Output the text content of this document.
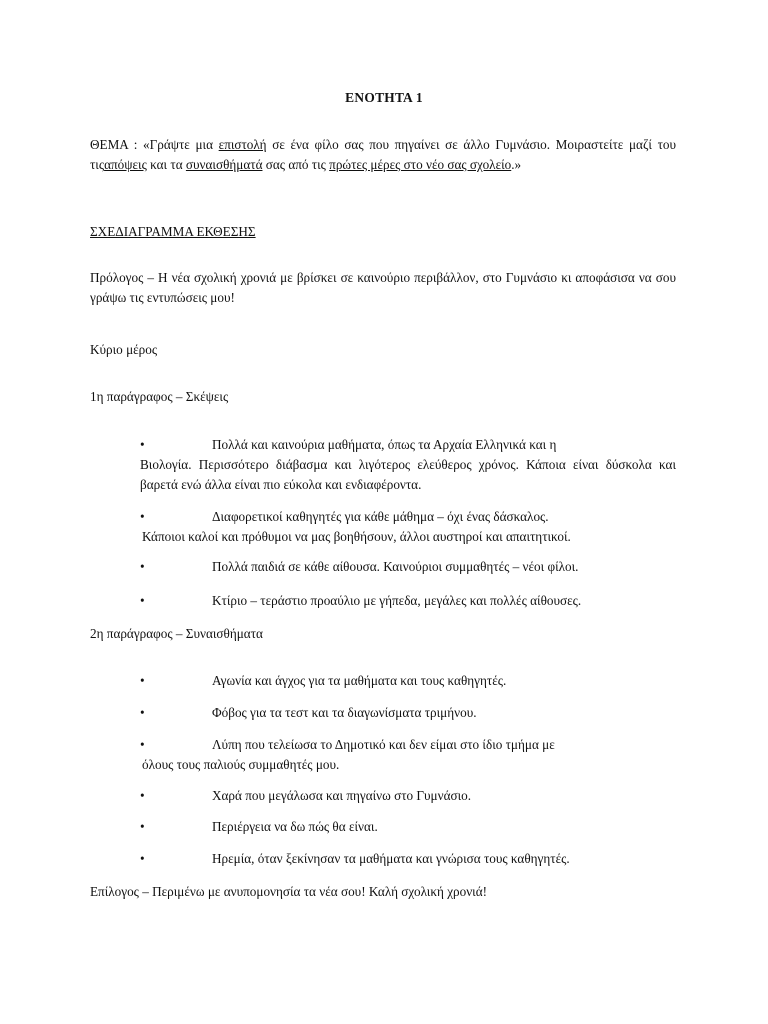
ΕΝΟΤΗΤΑ 1

ΘΕΜΑ : «Γράψτε μια επιστολή σε ένα φίλο σας που πηγαίνει σε άλλο Γυμνάσιο. Μοιραστείτε μαζί του τιςαπόψεις και τα συναισθήματά σας από τις πρώτες μέρες στο νέο σας σχολείο.»

ΣΧΕΔΙΑΓΡΑΜΜΑ ΕΚΘΕΣΗΣ

Πρόλογος – Η νέα σχολική χρονιά με βρίσκει σε καινούριο περιβάλλον, στο Γυμνάσιο κι αποφάσισα να σου γράψω τις εντυπώσεις μου!

Κύριο μέρος

1η παράγραφος – Σκέψεις

•	Πολλά και καινούρια μαθήματα, όπως τα Αρχαία Ελληνικά και η
Βιολογία. Περισσότερο διάβασμα και λιγότερος ελεύθερος χρόνος. Κάποια είναι δύσκολα και βαρετά ενώ άλλα είναι πιο εύκολα και ενδιαφέροντα.
•	Διαφορετικοί καθηγητές για κάθε μάθημα – όχι ένας δάσκαλος.
Κάποιοι καλοί και πρόθυμοι να μας βοηθήσουν, άλλοι αυστηροί και απαιτητικοί.
•	Πολλά παιδιά σε κάθε αίθουσα. Καινούριοι συμμαθητές – νέοι φίλοι.
•	Κτίριο – τεράστιο προαύλιο με γήπεδα, μεγάλες και πολλές αίθουσες.

2η παράγραφος – Συναισθήματα

•	Αγωνία και άγχος για τα μαθήματα και τους καθηγητές.
•	Φόβος για τα τεστ και τα διαγωνίσματα τριμήνου.
•	Λύπη που τελείωσα το Δημοτικό και δεν είμαι στο ίδιο τμήμα με
όλους τους παλιούς συμμαθητές μου.
•	Χαρά που μεγάλωσα και πηγαίνω στο Γυμνάσιο.
•	Περιέργεια να δω πώς θα είναι.
•	Ηρεμία, όταν ξεκίνησαν τα μαθήματα και γνώρισα τους καθηγητές.

Επίλογος – Περιμένω με ανυπομονησία τα νέα σου! Καλή σχολική χρονιά!
